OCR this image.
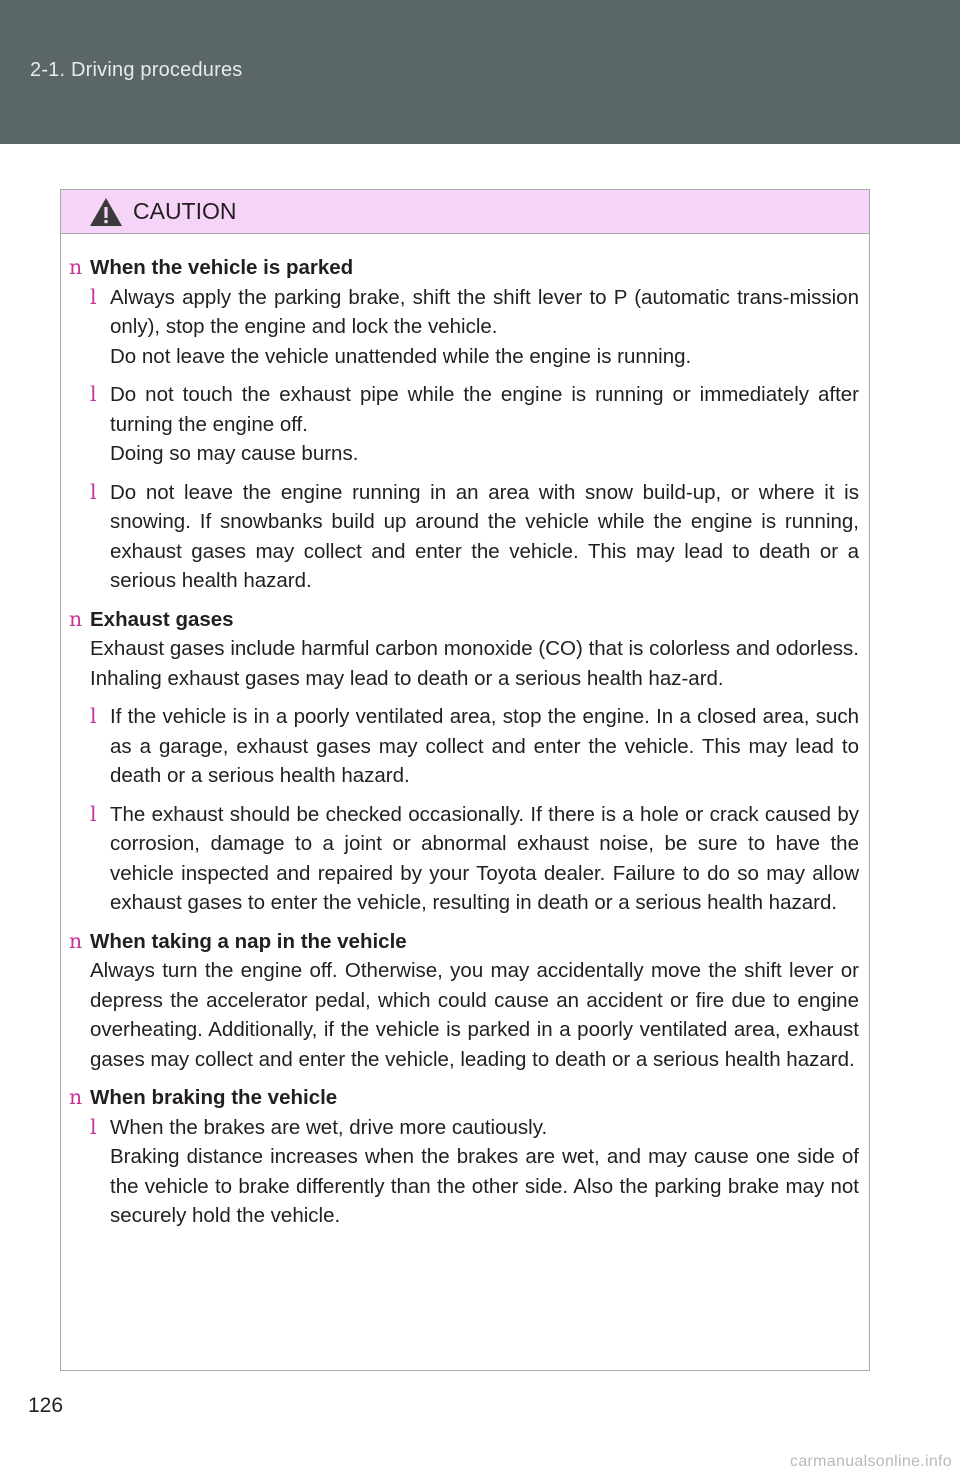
2-1. Driving procedures
CAUTION
n When the vehicle is parked
l Always apply the parking brake, shift the shift lever to P (automatic trans-mission only), stop the engine and lock the vehicle.
Do not leave the vehicle unattended while the engine is running.
l Do not touch the exhaust pipe while the engine is running or immediately after turning the engine off.
Doing so may cause burns.
l Do not leave the engine running in an area with snow build-up, or where it is snowing. If snowbanks build up around the vehicle while the engine is running, exhaust gases may collect and enter the vehicle. This may lead to death or a serious health hazard.
n Exhaust gases
Exhaust gases include harmful carbon monoxide (CO) that is colorless and odorless. Inhaling exhaust gases may lead to death or a serious health haz-ard.
l If the vehicle is in a poorly ventilated area, stop the engine. In a closed area, such as a garage, exhaust gases may collect and enter the vehicle. This may lead to death or a serious health hazard.
l The exhaust should be checked occasionally. If there is a hole or crack caused by corrosion, damage to a joint or abnormal exhaust noise, be sure to have the vehicle inspected and repaired by your Toyota dealer. Failure to do so may allow exhaust gases to enter the vehicle, resulting in death or a serious health hazard.
n When taking a nap in the vehicle
Always turn the engine off. Otherwise, you may accidentally move the shift lever or depress the accelerator pedal, which could cause an accident or fire due to engine overheating. Additionally, if the vehicle is parked in a poorly ventilated area, exhaust gases may collect and enter the vehicle, leading to death or a serious health hazard.
n When braking the vehicle
l When the brakes are wet, drive more cautiously.
Braking distance increases when the brakes are wet, and may cause one side of the vehicle to brake differently than the other side. Also the parking brake may not securely hold the vehicle.
126
carmanualsonline.info
